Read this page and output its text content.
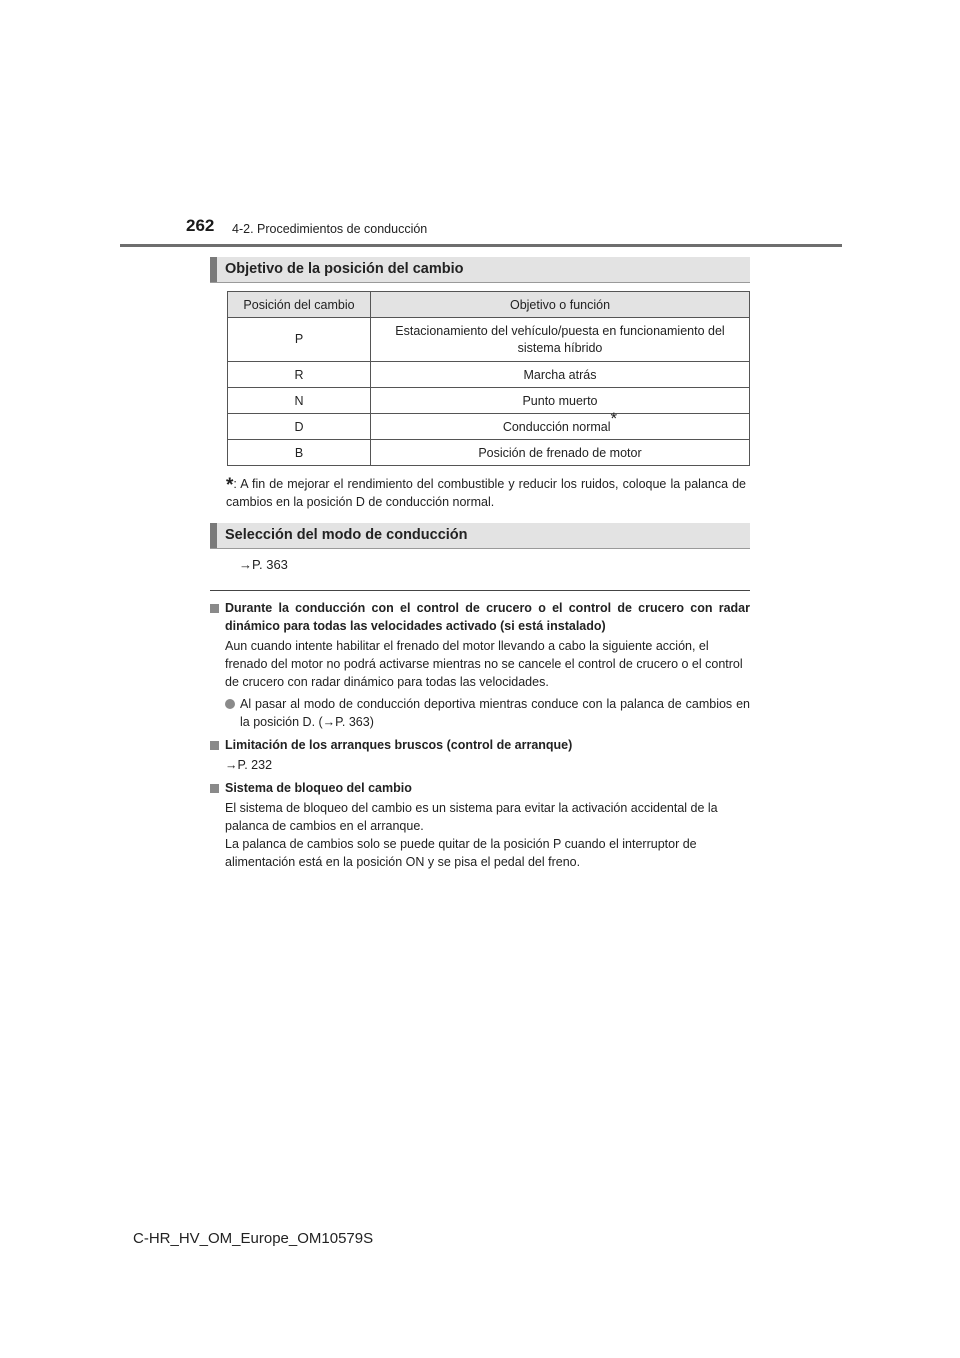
262 4-2. Procedimientos de conducción
Objetivo de la posición del cambio
Posición del cambio	Objetivo o función
P	Estacionamiento del vehículo/puesta en funcionamiento del sistema híbrido
R	Marcha atrás
N	Punto muerto
D	Conducción normal*
B	Posición de frenado de motor
*: A fin de mejorar el rendimiento del combustible y reducir los ruidos, coloque la palanca de cambios en la posición D de conducción normal.
Selección del modo de conducción
→P. 363
Durante la conducción con el control de crucero o el control de crucero con radar dinámico para todas las velocidades activado (si está instalado)

Aun cuando intente habilitar el frenado del motor llevando a cabo la siguiente acción, el frenado del motor no podrá activarse mientras no se cancele el control de crucero o el control de crucero con radar dinámico para todas las velocidades.

Al pasar al modo de conducción deportiva mientras conduce con la palanca de cambios en la posición D. (→P. 363)
Limitación de los arranques bruscos (control de arranque)

→P. 232

Sistema de bloqueo del cambio

El sistema de bloqueo del cambio es un sistema para evitar la activación accidental de la palanca de cambios en el arranque.

La palanca de cambios solo se puede quitar de la posición P cuando el interruptor de alimentación está en la posición ON y se pisa el pedal del freno.

C-HR_HV_OM_Europe_OM10579S
